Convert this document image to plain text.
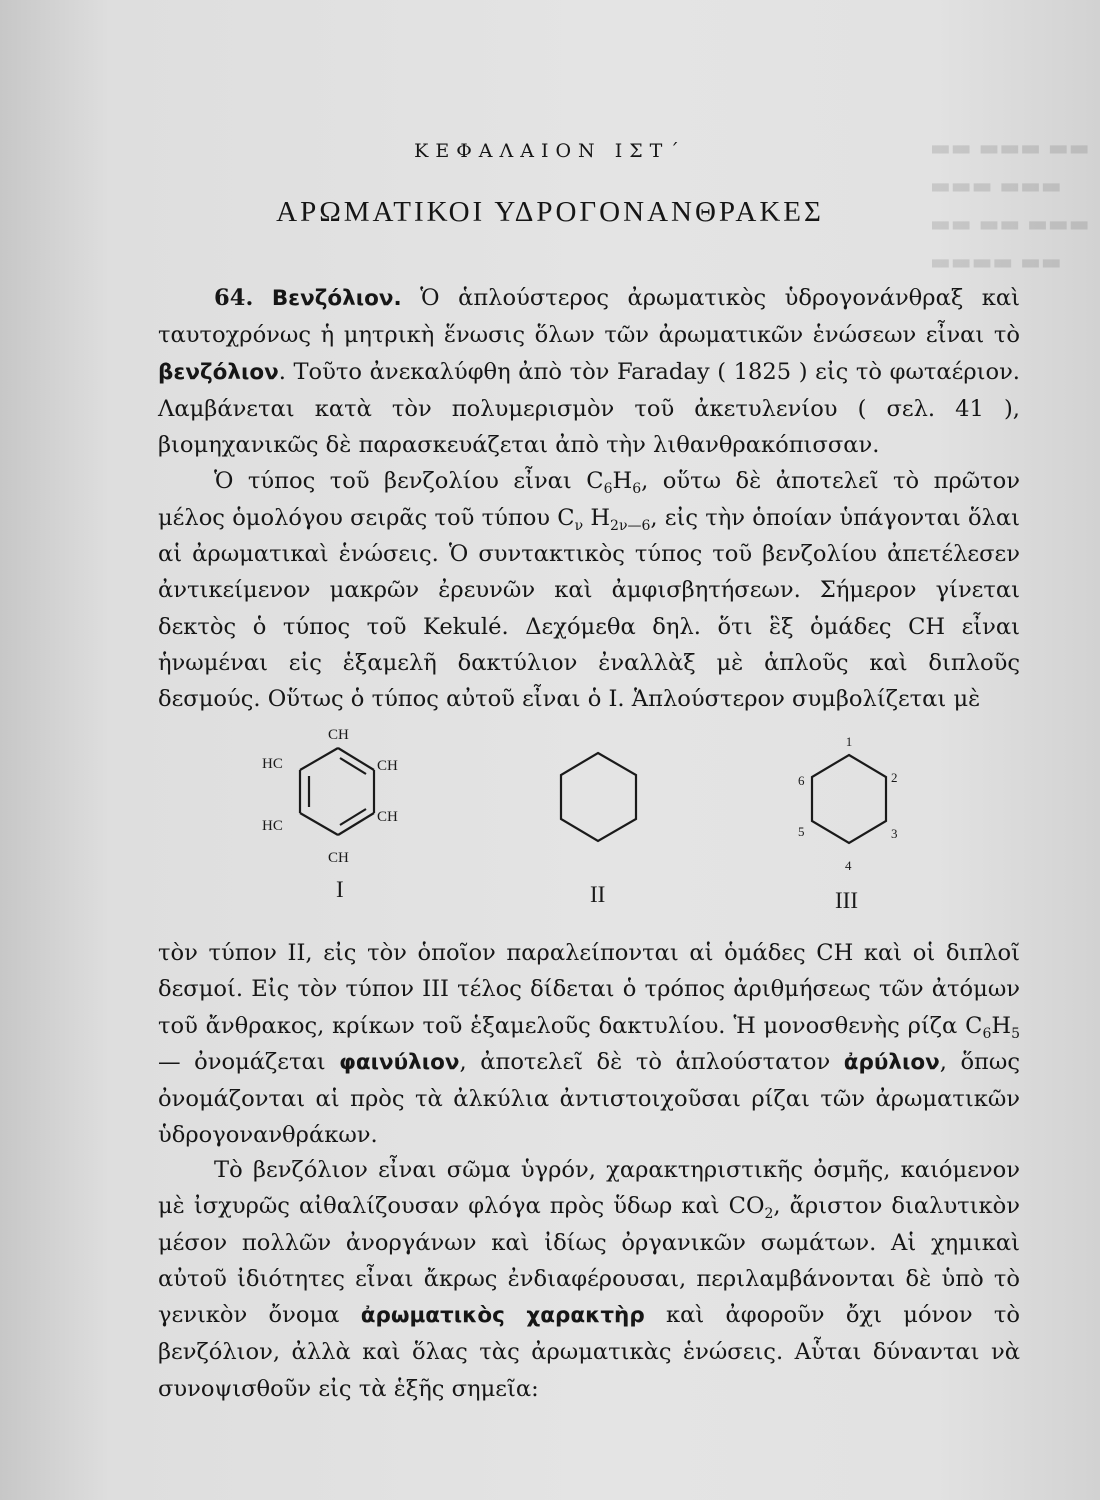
▬▬ ▬▬▬ ▬▬
▬▬▬ ▬▬▬
▬▬ ▬▬ ▬▬▬
▬▬▬▬ ▬▬
ΚΕΦΑΛΑΙΟΝ ΙΣΤ΄
ΑΡΩΜΑΤΙΚΟΙ ΥΔΡΟΓΟΝΑΝΘΡΑΚΕΣ

64. Βενζόλιον. Ὁ ἁπλούστερος ἀρωματικὸς ὑδρογονάνθραξ καὶ ταυτοχρόνως ἡ μητρικὴ ἕνωσις ὅλων τῶν ἀρωματικῶν ἑνώσεων εἶναι τὸ βενζόλιον. Τοῦτο ἀνεκαλύφθη ἀπὸ τὸν Faraday ( 1825 ) εἰς τὸ φωταέριον. Λαμβάνεται κατὰ τὸν πολυμερισμὸν τοῦ ἀκετυλενίου ( σελ. 41 ), βιομηχανικῶς δὲ παρασκευάζεται ἀπὸ τὴν λιθανθρακόπισσαν.

Ὁ τύπος τοῦ βενζολίου εἶναι $C_6H_6$, οὕτω δὲ ἀποτελεῖ τὸ πρῶτον μέλος ὁμολόγου σειρᾶς τοῦ τύπου $C_\nu$ $H_{2\nu—6}$, εἰς τὴν ὁποίαν ὑπάγονται ὅλαι αἱ ἀρωματικαὶ ἑνώσεις. Ὁ συντακτικὸς τύπος τοῦ βενζολίου ἀπετέλεσεν ἀντικείμενον μακρῶν ἐρευνῶν καὶ ἀμφισβητήσεων. Σήμερον γίνεται δεκτὸς ὁ τύπος τοῦ Kekulé. Δεχόμεθα δηλ. ὅτι ἓξ ὁμάδες CH εἶναι ἡνωμέναι εἰς ἑξαμελῆ δακτύλιον ἐναλλὰξ μὲ ἁπλοῦς καὶ διπλοῦς δεσμούς. Οὕτως ὁ τύπος αὐτοῦ εἶναι ὁ I. Ἁπλούστερον συμβολίζεται μὲ

CH
HC	CH
HC
CH
CH
I	II
1
2
3
4
5
6
III

τὸν τύπον II, εἰς τὸν ὁποῖον παραλείπονται αἱ ὁμάδες CH καὶ οἱ διπλοῖ δεσμοί. Εἰς τὸν τύπον III τέλος δίδεται ὁ τρόπος ἀριθμήσεως τῶν ἀτόμων τοῦ ἄνθρακος, κρίκων τοῦ ἑξαμελοῦς δακτυλίου. Ἡ μονοσθενὴς ρίζα $C_6H_5—$ ὀνομάζεται φαινύλιον, ἀποτελεῖ δὲ τὸ ἁπλούστατον ἀρύλιον, ὅπως ὀνομάζονται αἱ πρὸς τὰ ἀλκύλια ἀντιστοιχοῦσαι ρίζαι τῶν ἀρωματικῶν ὑδρογονανθράκων.

Τὸ βενζόλιον εἶναι σῶμα ὑγρόν, χαρακτηριστικῆς ὀσμῆς, καιόμενον μὲ ἰσχυρῶς αἰθαλίζουσαν φλόγα πρὸς ὕδωρ καὶ $CO_2$, ἄριστον διαλυτικὸν μέσον πολλῶν ἀνοργάνων καὶ ἰδίως ὀργανικῶν σωμάτων. Αἱ χημικαὶ αὐτοῦ ἰδιότητες εἶναι ἄκρως ἐνδιαφέρουσαι, περιλαμβάνονται δὲ ὑπὸ τὸ γενικὸν ὄνομα ἀρωματικὸς χαρακτὴρ καὶ ἀφοροῦν ὄχι μόνον τὸ βενζόλιον, ἀλλὰ καὶ ὅλας τὰς ἀρωματικὰς ἑνώσεις. Αὗται δύνανται νὰ συνοψισθοῦν εἰς τὰ ἑξῆς σημεῖα:
